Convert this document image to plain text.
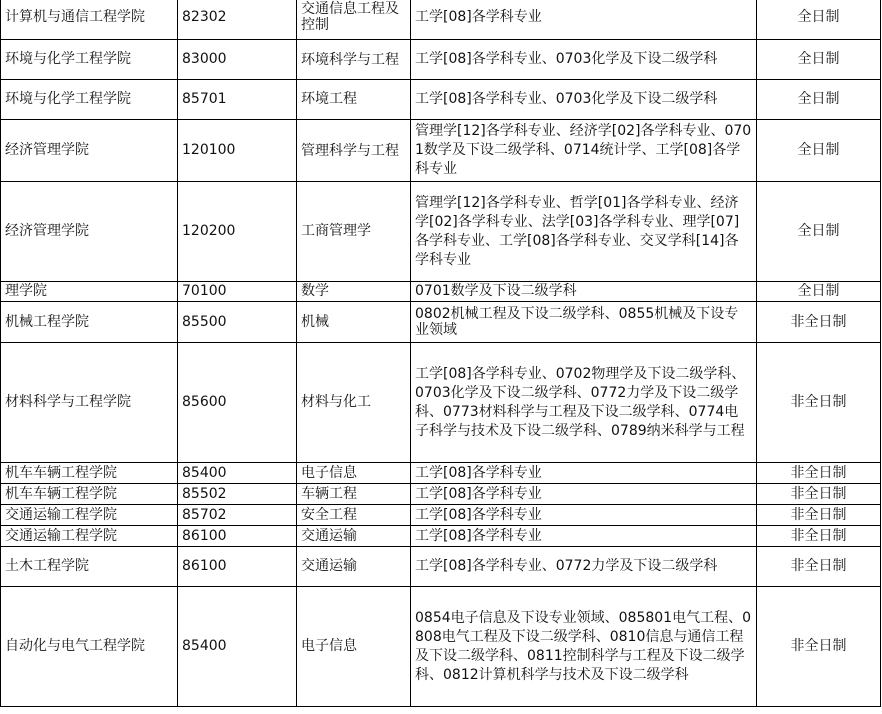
计算机与通信工程学院	82302	交通信息工程及控制	工学[08]各学科专业	全日制
环境与化学工程学院	83000	环境科学与工程	工学[08]各学科专业、0703化学及下设二级学科	全日制
环境与化学工程学院	85701	环境工程	工学[08]各学科专业、0703化学及下设二级学科	全日制
经济管理学院	120100	管理科学与工程	管理学[12]各学科专业、经济学[02]各学科专业、0701数学及下设二级学科、0714统计学、工学[08]各学科专业	全日制
经济管理学院	120200	工商管理学	管理学[12]各学科专业、哲学[01]各学科专业、经济学[02]各学科专业、法学[03]各学科专业、理学[07]各学科专业、工学[08]各学科专业、交叉学科[14]各学科专业	全日制
理学院	70100	数学	0701数学及下设二级学科	全日制
机械工程学院	85500	机械	0802机械工程及下设二级学科、0855机械及下设专业领域	非全日制
材料科学与工程学院	85600	材料与化工	工学[08]各学科专业、0702物理学及下设二级学科、0703化学及下设二级学科、0772力学及下设二级学科、0773材料科学与工程及下设二级学科、0774电子科学与技术及下设二级学科、0789纳米科学与工程	非全日制
机车车辆工程学院	85400	电子信息	工学[08]各学科专业	非全日制
机车车辆工程学院	85502	车辆工程	工学[08]各学科专业	非全日制
交通运输工程学院	85702	安全工程	工学[08]各学科专业	非全日制
交通运输工程学院	86100	交通运输	工学[08]各学科专业	非全日制
土木工程学院	86100	交通运输	工学[08]各学科专业、0772力学及下设二级学科	非全日制
自动化与电气工程学院	85400	电子信息	0854电子信息及下设专业领域、085801电气工程、0808电气工程及下设二级学科、0810信息与通信工程及下设二级学科、0811控制科学与工程及下设二级学科、0812计算机科学与技术及下设二级学科	非全日制
